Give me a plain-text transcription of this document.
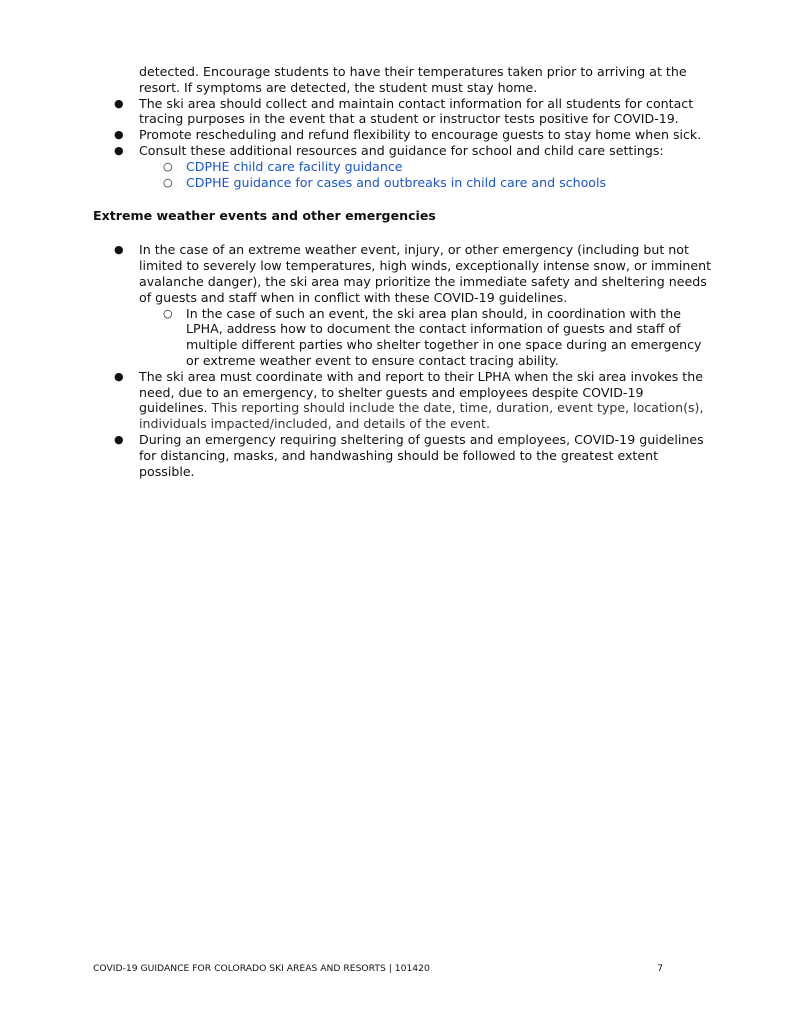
detected. Encourage students to have their temperatures taken prior to arriving at the resort. If symptoms are detected, the student must stay home.

● The ski area should collect and maintain contact information for all students for contact tracing purposes in the event that a student or instructor tests positive for COVID-19.
● Promote rescheduling and refund flexibility to encourage guests to stay home when sick.
● Consult these additional resources and guidance for school and child care settings:
○ CDPHE child care facility guidance
○ CDPHE guidance for cases and outbreaks in child care and schools
Extreme weather events and other emergencies
● In the case of an extreme weather event, injury, or other emergency (including but not limited to severely low temperatures, high winds, exceptionally intense snow, or imminent avalanche danger), the ski area may prioritize the immediate safety and sheltering needs of guests and staff when in conflict with these COVID-19 guidelines.
○ In the case of such an event, the ski area plan should, in coordination with the LPHA, address how to document the contact information of guests and staff of multiple different parties who shelter together in one space during an emergency or extreme weather event to ensure contact tracing ability.
● The ski area must coordinate with and report to their LPHA when the ski area invokes the need, due to an emergency, to shelter guests and employees despite COVID-19 guidelines. This reporting should include the date, time, duration, event type, location(s), individuals impacted/included, and details of the event.
● During an emergency requiring sheltering of guests and employees, COVID-19 guidelines for distancing, masks, and handwashing should be followed to the greatest extent possible.
COVID-19 GUIDANCE FOR COLORADO SKI AREAS AND RESORTS | 101420	7
